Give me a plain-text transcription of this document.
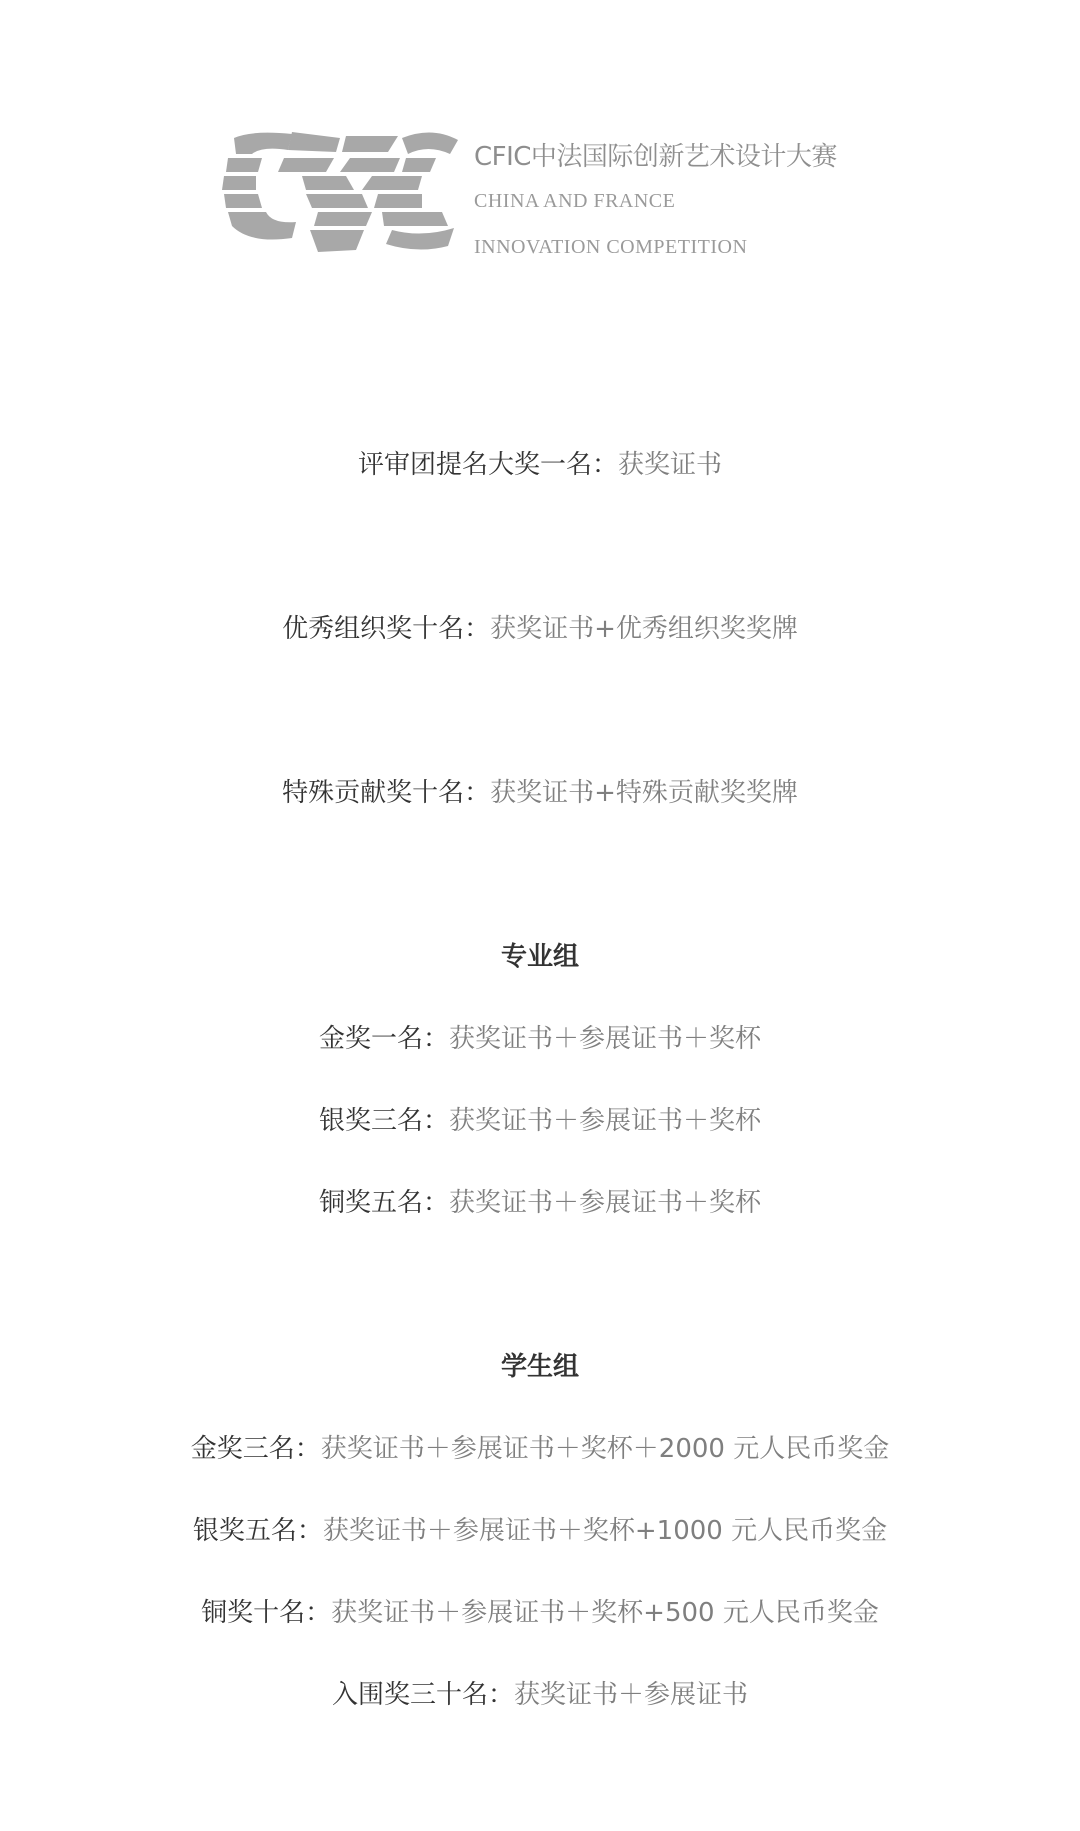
CFIC中法国际创新艺术设计大赛
CHINA AND FRANCE
INNOVATION COMPETITION
评审团提名大奖一名：获奖证书
优秀组织奖十名：获奖证书+优秀组织奖奖牌
特殊贡献奖十名：获奖证书+特殊贡献奖奖牌
专业组
金奖一名：获奖证书＋参展证书＋奖杯
银奖三名：获奖证书＋参展证书＋奖杯
铜奖五名：获奖证书＋参展证书＋奖杯
学生组
金奖三名：获奖证书＋参展证书＋奖杯＋2000 元人民币奖金
银奖五名：获奖证书＋参展证书＋奖杯+1000 元人民币奖金
铜奖十名：获奖证书＋参展证书＋奖杯+500 元人民币奖金
入围奖三十名：获奖证书＋参展证书
